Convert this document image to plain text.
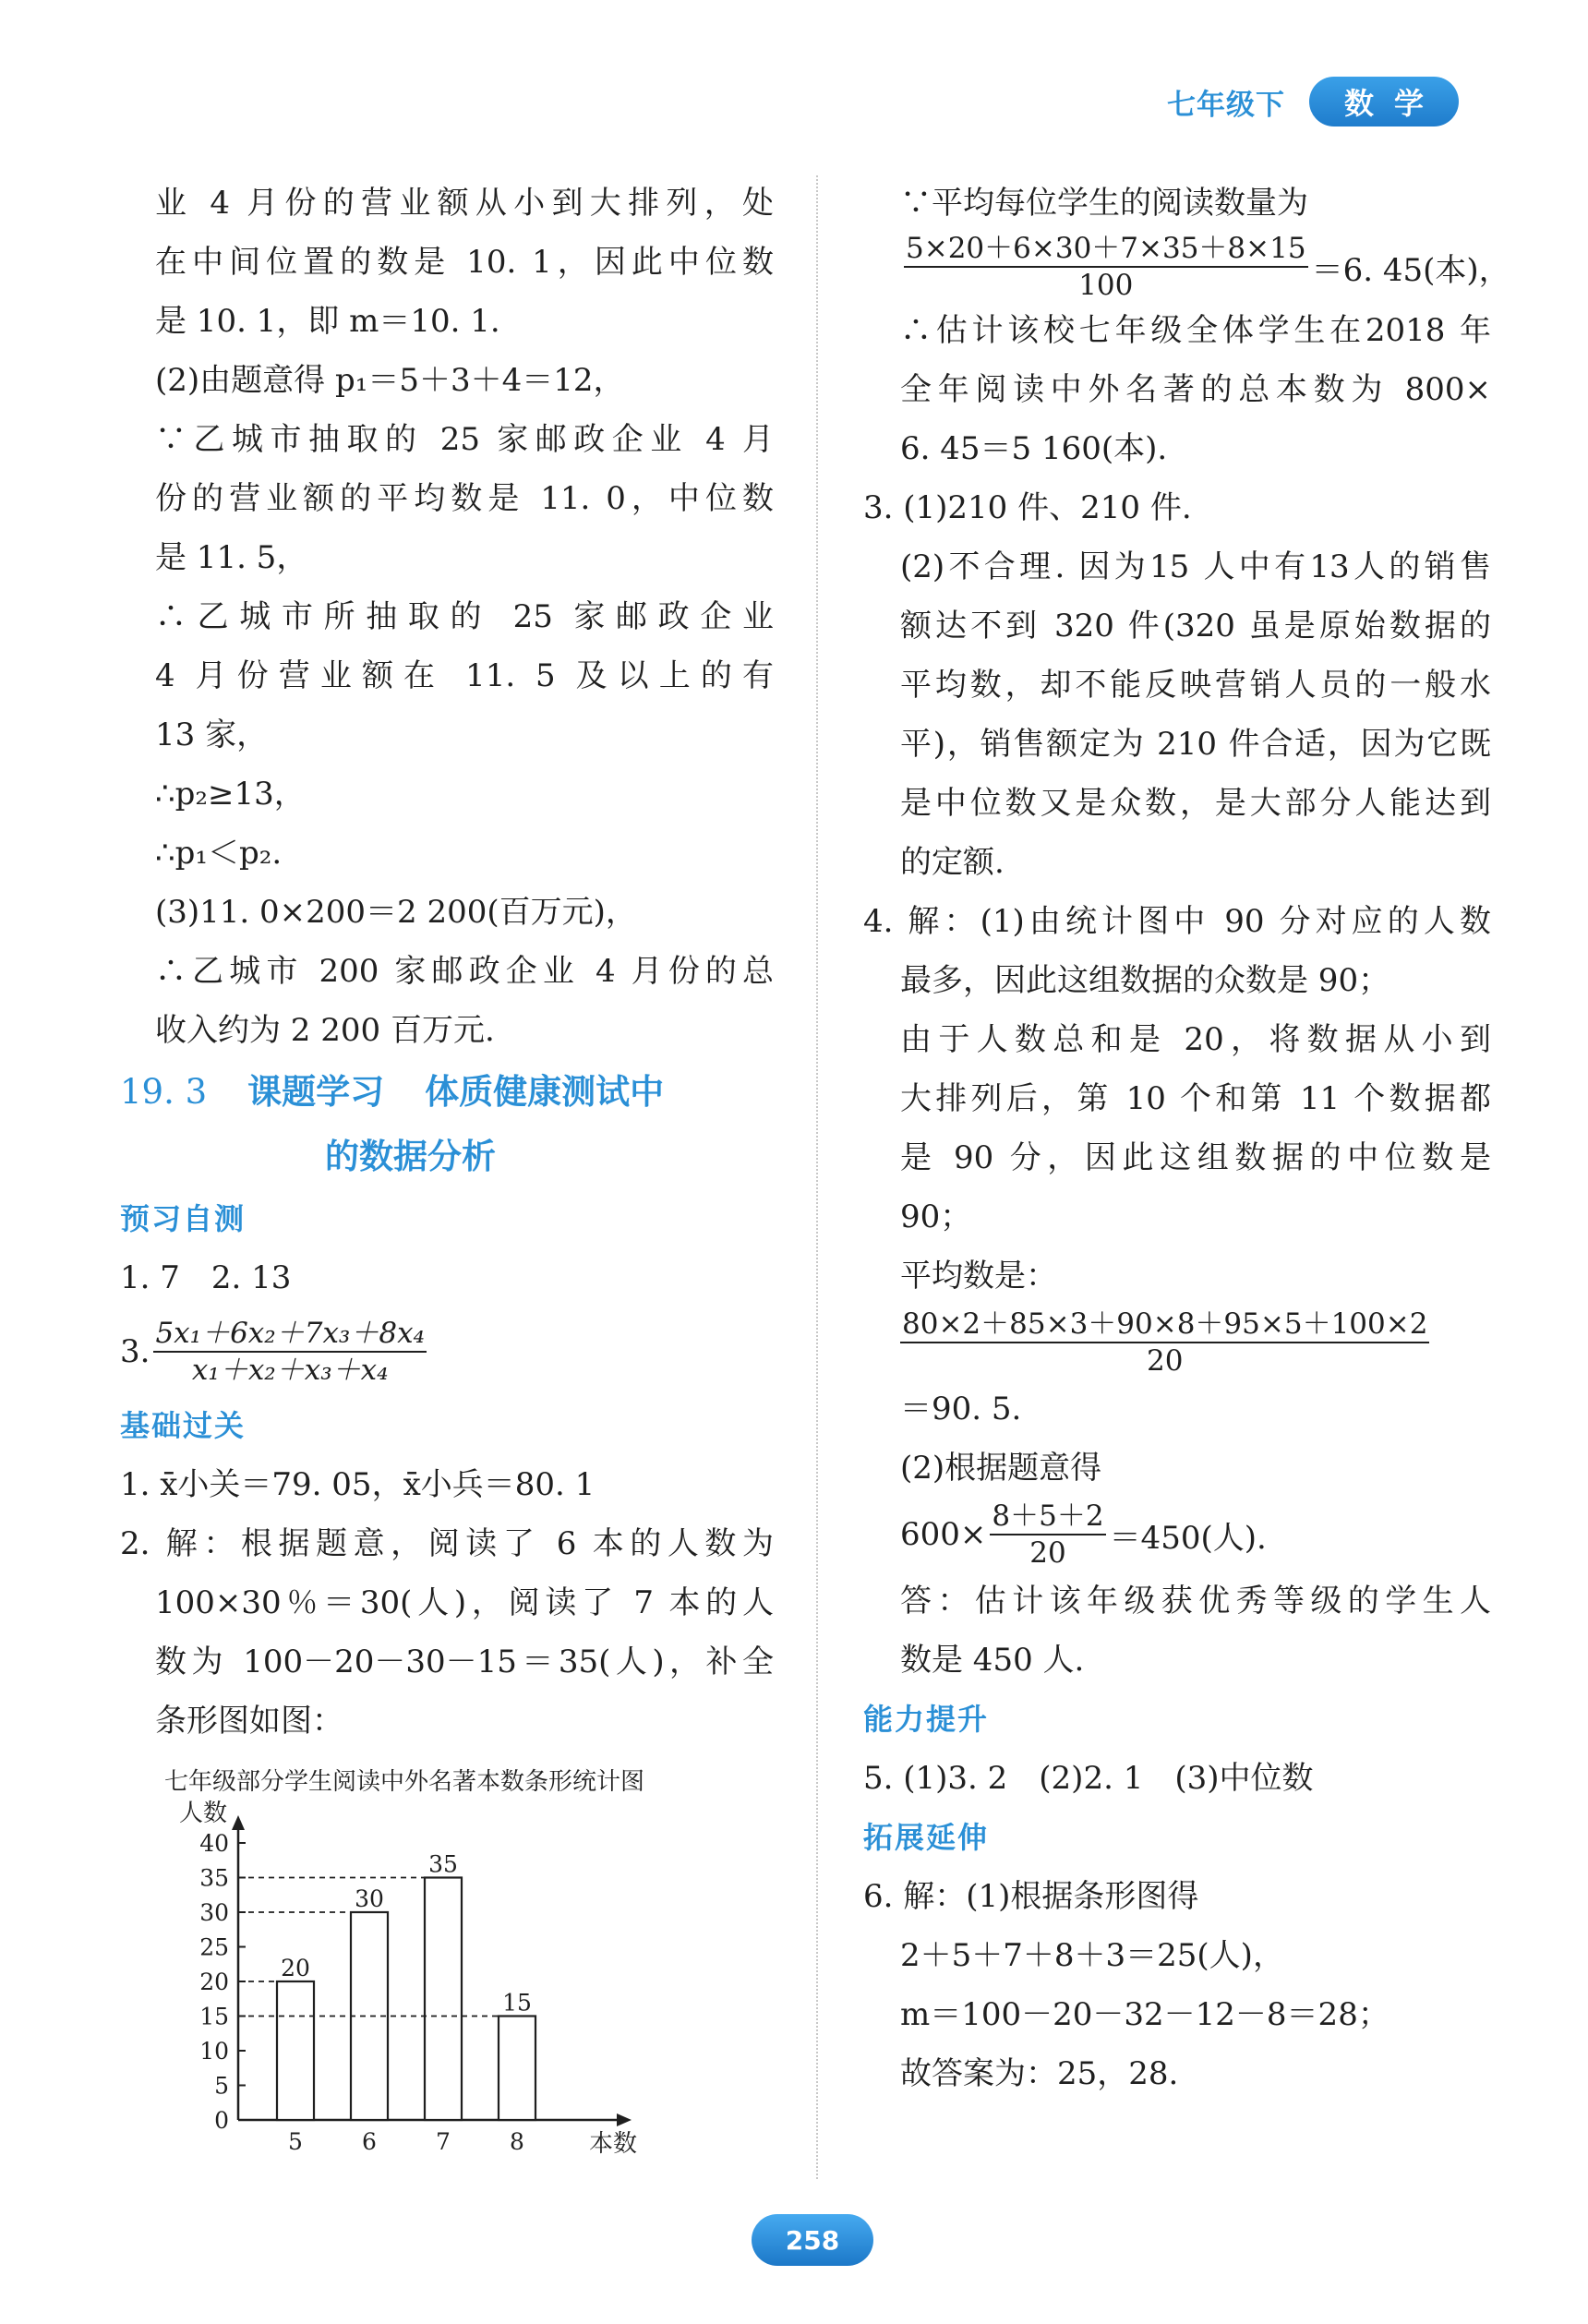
七年级下	数学
业 4 月份的营业额从小到大排列，处
在中间位置的数是 10. 1，因此中位数
是 10. 1，即 m＝10. 1.
(2)由题意得 p₁＝5＋3＋4＝12，
∵乙城市抽取的 25 家邮政企业 4 月
份的营业额的平均数是 11. 0，中位数
是 11. 5，
∴乙城市所抽取的 25 家邮政企业
4 月份营业额在 11. 5 及以上的有
13 家，
∴p₂≥13，
∴p₁＜p₂.
(3)11. 0×200＝2 200(百万元)，
∴乙城市 200 家邮政企业 4 月份的总
收入约为 2 200 百万元.
19. 3 课题学习 体质健康测试中
的数据分析
预习自测
1. 7　2. 13
3. $\frac{\text{5x₁＋6x₂＋7x₃＋8x₄}}{\text{x₁＋x₂＋x₃＋x₄}}$
基础过关
1. x̄小关＝79. 05，x̄小兵＝80. 1
2. 解：根据题意，阅读了 6 本的人数为
100×30％＝30(人)，阅读了 7 本的人
数为 100－20－30－15＝35(人)，补全
条形图如图：
七年级部分学生阅读中外名著本数条形统计图
人数
本数
0
5
10
15
20
25
30
35
40
20
5
30
6
35
7
15
8
∵平均每位学生的阅读数量为
$\frac{5\times 20+6\times 30+7\times 35+8\times 15}{100} =6$. 45(本)，
∴估计该校七年级全体学生在2018 年
全年阅读中外名著的总本数为 800×
6. 45＝5 160(本).
3. (1)210 件、210 件.
(2)不合理. 因为15 人中有13人的销售
额达不到 320 件(320 虽是原始数据的
平均数，却不能反映营销人员的一般水
平)，销售额定为 210 件合适，因为它既
是中位数又是众数，是大部分人能达到
的定额.
4. 解：(1)由统计图中 90 分对应的人数
最多，因此这组数据的众数是 90；
由于人数总和是 20，将数据从小到
大排列后，第 10 个和第 11 个数据都
是 90 分，因此这组数据的中位数是
90；
平均数是：
$\frac{80\times 2+85\times 3+90\times 8+95\times 5+100\times 2}{20}$
＝90. 5.
(2)根据题意得
$600\times \frac{8+5+2}{20} =450$(人).
答：估计该年级获优秀等级的学生人
数是 450 人.
能力提升
5. (1)3. 2　(2)2. 1　(3)中位数
拓展延伸
6. 解：(1)根据条形图得
2＋5＋7＋8＋3＝25(人)，
m＝100－20－32－12－8＝28；
故答案为：25，28.
258
